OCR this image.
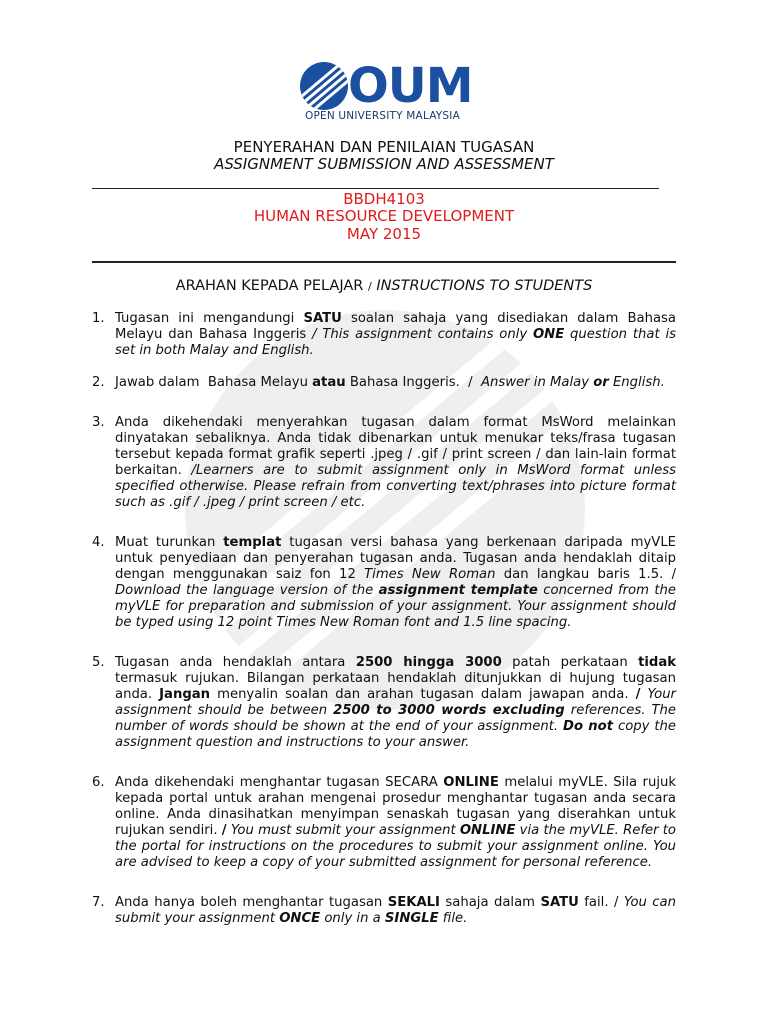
OUM
OPEN UNIVERSITY MALAYSIA
PENYERAHAN DAN PENILAIAN TUGASAN
ASSIGNMENT SUBMISSION AND ASSESSMENT
BBDH4103
HUMAN RESOURCE DEVELOPMENT
MAY 2015
ARAHAN KEPADA PELAJAR / INSTRUCTIONS TO STUDENTS
1. Tugasan ini mengandungi SATU soalan sahaja yang disediakan dalam Bahasa Melayu dan Bahasa Inggeris / This assignment contains only ONE question that is set in both Malay and English.
2. Jawab dalam  Bahasa Melayu atau Bahasa Inggeris.  /  Answer in Malay or English.
3. Anda dikehendaki menyerahkan tugasan dalam format MsWord melainkan dinyatakan sebaliknya. Anda tidak dibenarkan untuk menukar teks/frasa tugasan tersebut kepada format grafik seperti .jpeg / .gif / print screen / dan lain-lain format berkaitan. /Learners are to submit assignment only in MsWord format unless specified otherwise. Please refrain from converting text/phrases into picture format such as .gif / .jpeg / print screen / etc.
4. Muat turunkan templat tugasan versi bahasa yang berkenaan daripada myVLE untuk penyediaan dan penyerahan tugasan anda. Tugasan anda hendaklah ditaip dengan menggunakan saiz fon 12 Times New Roman dan langkau baris 1.5. / Download the language version of the assignment template concerned from the myVLE for preparation and submission of your assignment. Your assignment should be typed using 12 point Times New Roman font and 1.5 line spacing.
5. Tugasan anda hendaklah antara 2500 hingga 3000 patah perkataan tidak termasuk rujukan. Bilangan perkataan hendaklah ditunjukkan di hujung tugasan anda. Jangan menyalin soalan dan arahan tugasan dalam jawapan anda. / Your assignment should be between 2500 to 3000 words excluding references. The number of words should be shown at the end of your assignment. Do not copy the assignment question and instructions to your answer.
6. Anda dikehendaki menghantar tugasan SECARA ONLINE melalui myVLE. Sila rujuk kepada portal untuk arahan mengenai prosedur menghantar tugasan anda secara online. Anda dinasihatkan menyimpan senaskah tugasan yang diserahkan untuk rujukan sendiri. / You must submit your assignment ONLINE via the myVLE. Refer to the portal for instructions on the procedures to submit your assignment online. You are advised to keep a copy of your submitted assignment for personal reference.
7. Anda hanya boleh menghantar tugasan SEKALI sahaja dalam SATU fail. / You can submit your assignment ONCE only in a SINGLE file.
